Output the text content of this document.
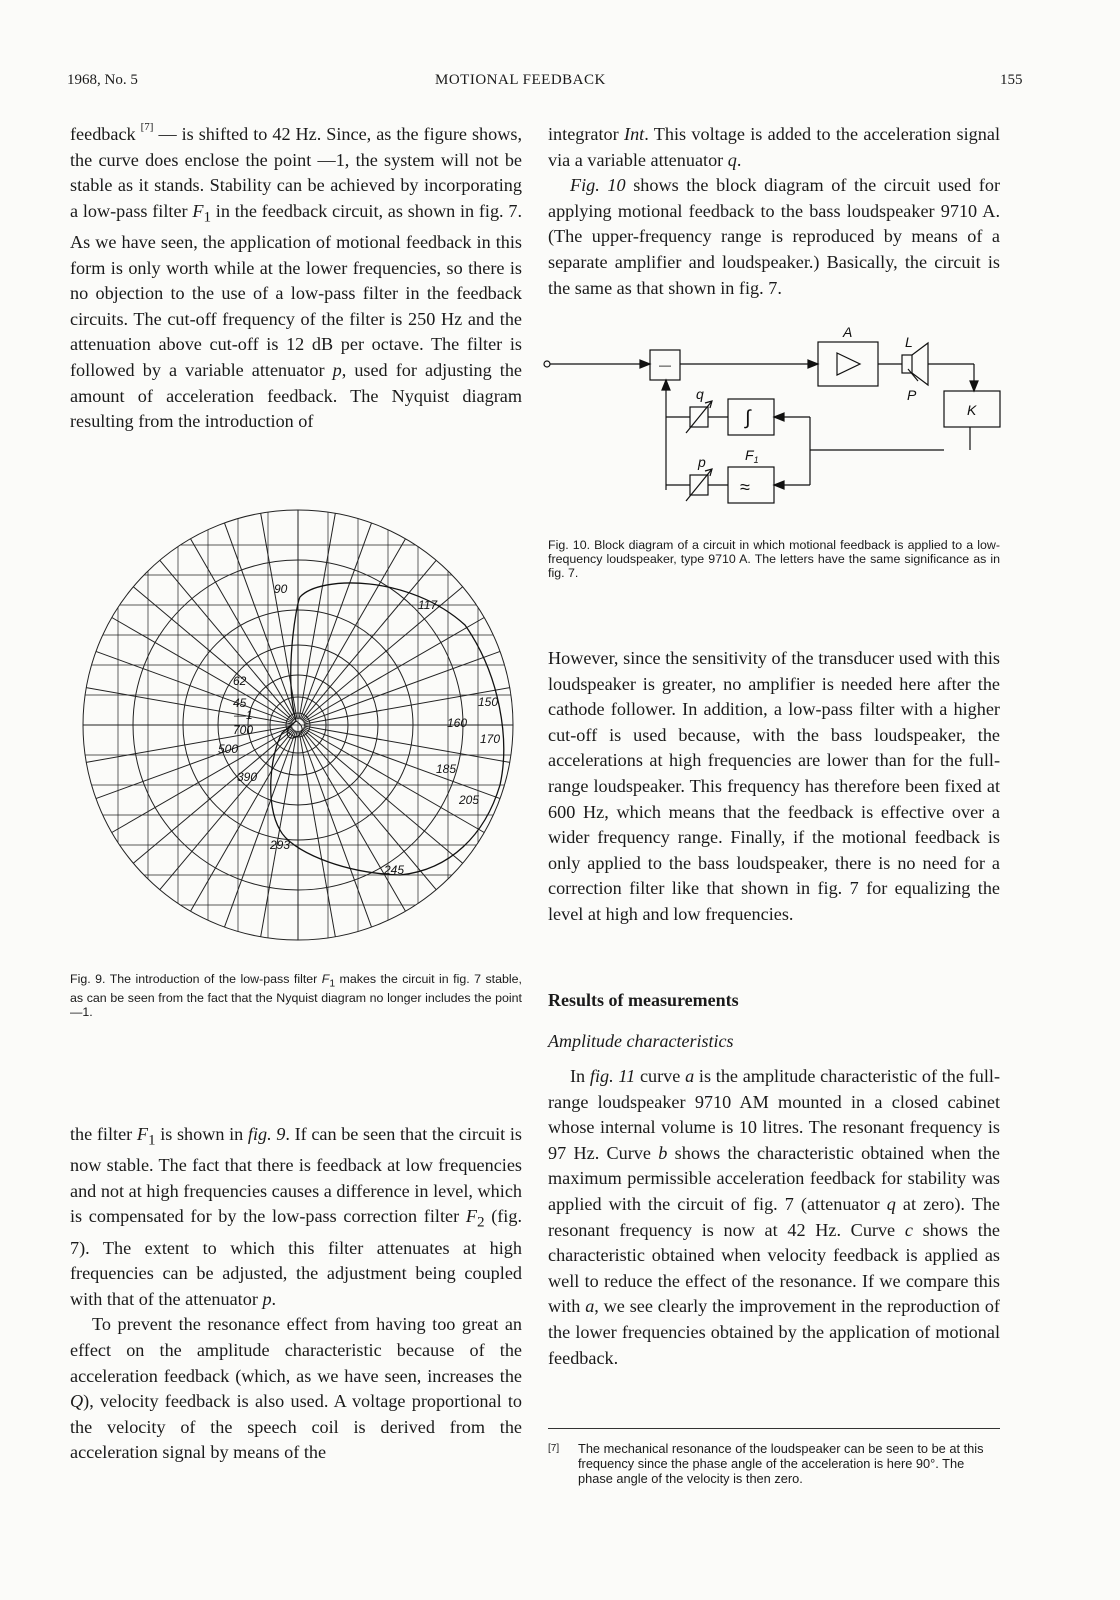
1968, No. 5	MOTIONAL FEEDBACK	155

feedback [7] — is shifted to 42 Hz. Since, as the figure shows, the curve does enclose the point —1, the system will not be stable as it stands. Stability can be achieved by incorporating a low-pass filter $F_1$ in the feedback circuit, as shown in fig. 7. As we have seen, the application of motional feedback in this form is only worth while at the lower frequencies, so there is no objection to the use of a low-pass filter in the feedback circuits. The cut-off frequency of the filter is 250 Hz and the attenuation above cut-off is 12 dB per octave. The filter is followed by a variable attenuator p, used for adjusting the amount of acceleration feedback. The Nyquist diagram resulting from the introduction of

90
117
62
45
700
500
390
150
160
170
185
205
293
245
—1
Fig. 9. The introduction of the low-pass filter $F_1$ makes the circuit in fig. 7 stable, as can be seen from the fact that the Nyquist diagram no longer includes the point —1.

the filter $F_1$ is shown in fig. 9. If can be seen that the circuit is now stable. The fact that there is feedback at low frequencies and not at high frequencies causes a difference in level, which is compensated for by the low-pass correction filter $F_2$ (fig. 7). The extent to which this filter attenuates at high frequencies can be adjusted, the adjustment being coupled with that of the attenuator p.

To prevent the resonance effect from having too great an effect on the amplitude characteristic because of the acceleration feedback (which, as we have seen, increases the Q), velocity feedback is also used. A voltage proportional to the velocity of the speech coil is derived from the acceleration signal by means of the

integrator Int. This voltage is added to the acceleration signal via a variable attenuator q.

Fig. 10 shows the block diagram of the circuit used for applying motional feedback to the bass loudspeaker 9710 A. (The upper-frequency range is reproduced by means of a separate amplifier and loudspeaker.) Basically, the circuit is the same as that shown in fig. 7.

A
L
P
K
q
p	$F_1$
∫
≈
—
Fig. 10. Block diagram of a circuit in which motional feedback is applied to a low-frequency loudspeaker, type 9710 A. The letters have the same significance as in fig. 7.

However, since the sensitivity of the transducer used with this loudspeaker is greater, no amplifier is needed here after the cathode follower. In addition, a low-pass filter with a higher cut-off is used because, with the bass loudspeaker, the accelerations at high frequencies are lower than for the full-range loudspeaker. This frequency has therefore been fixed at 600 Hz, which means that the feedback is effective over a wider frequency range. Finally, if the motional feedback is only applied to the bass loudspeaker, there is no need for a correction filter like that shown in fig. 7 for equalizing the level at high and low frequencies.

Results of measurements
Amplitude characteristics

In fig. 11 curve a is the amplitude characteristic of the full-range loudspeaker 9710 AM mounted in a closed cabinet whose internal volume is 10 litres. The resonant frequency is 97 Hz. Curve b shows the characteristic obtained when the maximum permissible acceleration feedback for stability was applied with the circuit of fig. 7 (attenuator q at zero). The resonant frequency is now at 42 Hz. Curve c shows the characteristic obtained when velocity feedback is applied as well to reduce the effect of the resonance. If we compare this with a, we see clearly the improvement in the reproduction of the lower frequencies obtained by the application of motional feedback.

[7]	The mechanical resonance of the loudspeaker can be seen to be at this frequency since the phase angle of the acceleration is here 90°. The phase angle of the velocity is then zero.
